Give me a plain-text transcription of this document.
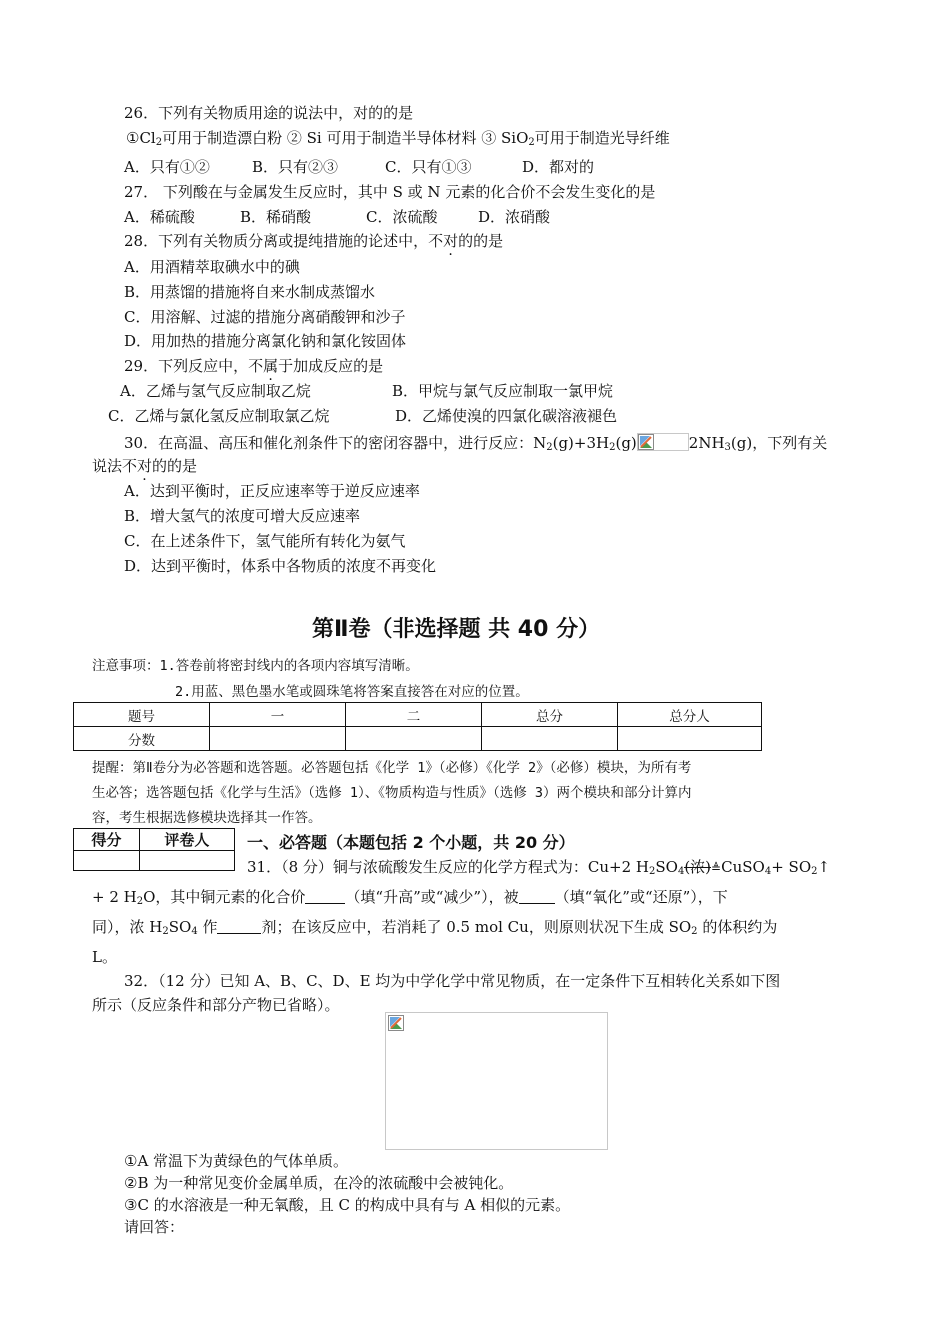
26．下列有关物质用途的说法中，对的的是
$①Cl_2$可用于制造漂白粉 ② Si 可用于制造半导体材料 ③ SiO$_2$可用于制造光导纤维
A．只有①②	B．只有②③	C．只有①③	D．都对的
27． 下列酸在与金属发生反应时，其中 S 或 N 元素的化合价不会发生变化的是
A．稀硫酸	B．稀硝酸	C．浓硫酸	D．浓硝酸
28．下列有关物质分离或提纯措施的论述中，不对的的是
A．用酒精萃取碘水中的碘
B．用蒸馏的措施将自来水制成蒸馏水
C．用溶解、过滤的措施分离硝酸钾和沙子
D．用加热的措施分离氯化钠和氯化铵固体
29．下列反应中，不属于加成反应的是
A．乙烯与氢气反应制取乙烷	B．甲烷与氯气反应制取一氯甲烷
C．乙烯与氯化氢反应制取氯乙烷	D．乙烯使溴的四氯化碳溶液褪色
30．在高温、高压和催化剂条件下的密闭容器中，进行反应：$N_2(g)+3H_2(g)$	$2NH_3(g)$，下列有关
说法不对的的是
A．达到平衡时，正反应速率等于逆反应速率
B．增大氢气的浓度可增大反应速率
C．在上述条件下，氢气能所有转化为氨气
D．达到平衡时，体系中各物质的浓度不再变化
第Ⅱ卷（非选择题 共 40 分）
注意事项：1.答卷前将密封线内的各项内容填写清晰。
2.用蓝、黑色墨水笔或圆珠笔将答案直接答在对应的位置。
题号	一	二	总分	总分人
分数				
提醒：第Ⅱ卷分为必答题和选答题。必答题包括《化学 1》（必修）《化学 2》（必修）模块，为所有考
生必答；选答题包括《化学与生活》（选修 1）、《物质构造与性质》（选修 3）两个模块和部分计算内
容，考生根据选修模块选择其一作答。
得分	评卷人
	一、必答题（本题包括 2 个小题，共 20 分）
31．（8 分）铜与浓硫酸发生反应的化学方程式为：Cu+2 $H_2SO_4$(浓)
≜CuSO$_4$+ $SO_2↑$
+ 2 $H_2O$，其中铜元素的化合价	（填“升高”或“减少”），被 （填“氧化”或“还原”），下
同），浓 $H_2SO_4$ 作	剂；在该反应中，若消耗了 0.5 mol Cu，则原则状况下生成 $SO_2$ 的体积约为
L。
32．（12 分）已知 A、B、C、D、E 均为中学化学中常见物质，在一定条件下互相转化关系如下图
所示（反应条件和部分产物已省略）。
①A 常温下为黄绿色的气体单质。
②B 为一种常见变价金属单质，在冷的浓硫酸中会被钝化。
③C 的水溶液是一种无氧酸，且 C 的构成中具有与 A 相似的元素。
请回答：
